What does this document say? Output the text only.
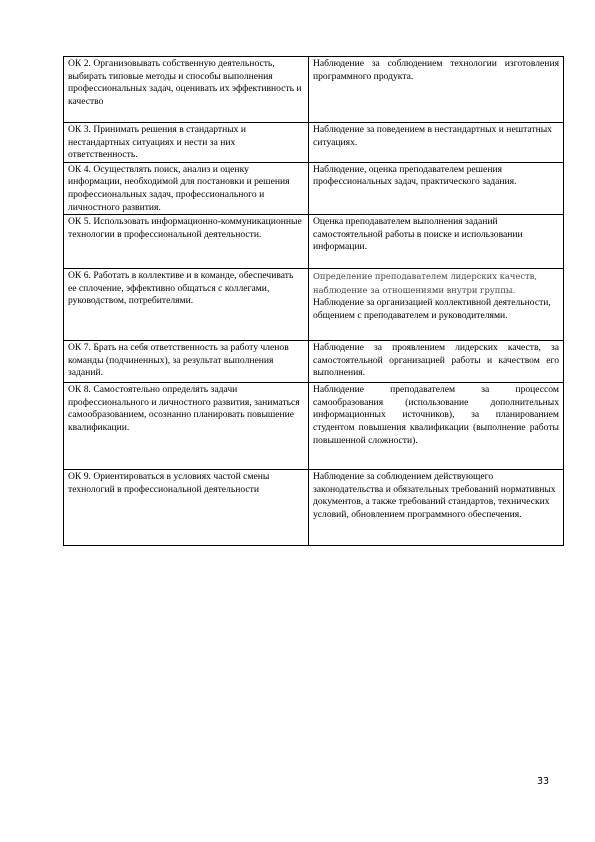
ОК 2. Организовывать собственную деятельность, выбирать типовые методы и способы выполнения профессиональных задач, оценивать их эффективность и качество	Наблюдение за соблюдением технологии изготовления программного продукта.
ОК 3. Принимать решения в стандартных и нестандартных ситуациях и нести за них ответственность.	Наблюдение за поведением в нестандартных и нештатных ситуациях.
ОК 4. Осуществлять поиск, анализ и оценку информации, необходимой для постановки и решения профессиональных задач, профессионального и личностного развития.	Наблюдение, оценка преподавателем решения профессиональных задач, практического задания.
ОК 5. Использовать информационно-коммуникационные технологии в профессиональной деятельности.	Оценка преподавателем выполнения заданий самостоятельной работы в поиске и использовании информации.
ОК 6. Работать в коллективе и в команде, обеспечивать ее сплочение, эффективно общаться с коллегами, руководством, потребителями.	Определение преподавателем лидерских качеств, наблюдение за отношениями внутри группы. Наблюдение за организацией коллективной деятельности, общением с преподавателем и руководителями.
ОК 7. Брать на себя ответственность за работу членов команды (подчиненных), за результат выполнения заданий.	Наблюдение за проявлением лидерских качеств, за самостоятельной организацией работы и качеством его выполнения.
ОК 8. Самостоятельно определять задачи профессионального и личностного развития, заниматься самообразованием, осознанно планировать повышение квалификации.	Наблюдение преподавателем за процессом самообразования (использование дополнительных информационных источников), за планированием студентом повышения квалификации (выполнение работы повышенной сложности).
ОК 9. Ориентироваться в условиях частой смены технологий в профессиональной деятельности	Наблюдение за соблюдением действующего законодательства и обязательных требований нормативных документов, а также требований стандартов, технических условий, обновлением программного обеспечения.
33
